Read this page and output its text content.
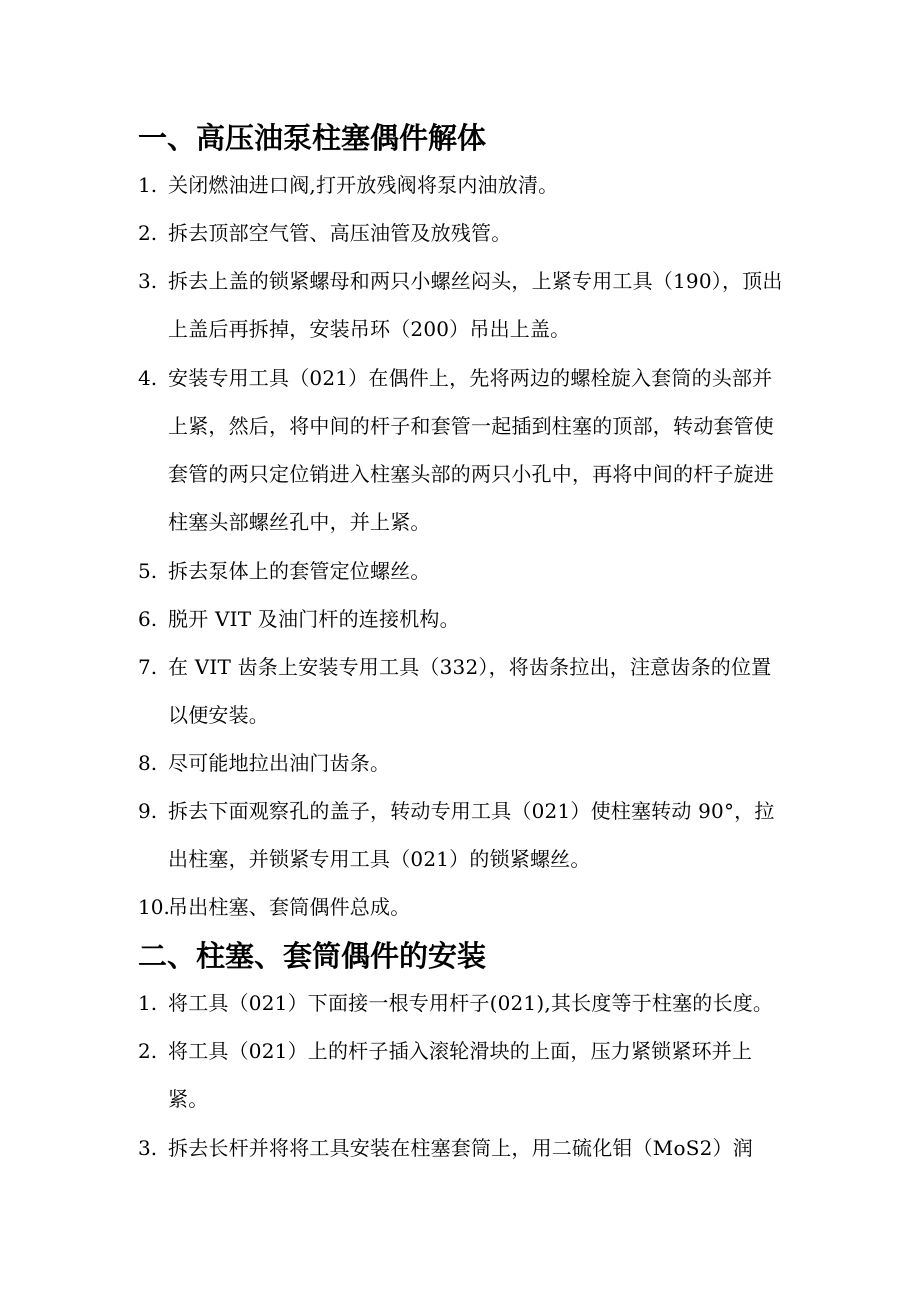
一、高压油泵柱塞偶件解体
1. 关闭燃油进口阀,打开放残阀将泵内油放清。
2. 拆去顶部空气管、高压油管及放残管。
3. 拆去上盖的锁紧螺母和两只小螺丝闷头，上紧专用工具（190），顶出上盖后再拆掉，安装吊环（200）吊出上盖。
4. 安装专用工具（021）在偶件上，先将两边的螺栓旋入套筒的头部并上紧，然后，将中间的杆子和套管一起插到柱塞的顶部，转动套管使套管的两只定位销进入柱塞头部的两只小孔中，再将中间的杆子旋进柱塞头部螺丝孔中，并上紧。
5. 拆去泵体上的套管定位螺丝。
6. 脱开 VIT 及油门杆的连接机构。
7. 在 VIT 齿条上安装专用工具（332），将齿条拉出，注意齿条的位置以便安装。
8. 尽可能地拉出油门齿条。
9. 拆去下面观察孔的盖子，转动专用工具（021）使柱塞转动 90°，拉出柱塞，并锁紧专用工具（021）的锁紧螺丝。
10.
吊出柱塞、套筒偶件总成。
二、柱塞、套筒偶件的安装
1. 将工具（021）下面接一根专用杆子(021),其长度等于柱塞的长度。
2. 将工具（021）上的杆子插入滚轮滑块的上面，压力紧锁紧环并上紧。
3. 拆去长杆并将将工具安装在柱塞套筒上，用二硫化钼（MoS2）润
